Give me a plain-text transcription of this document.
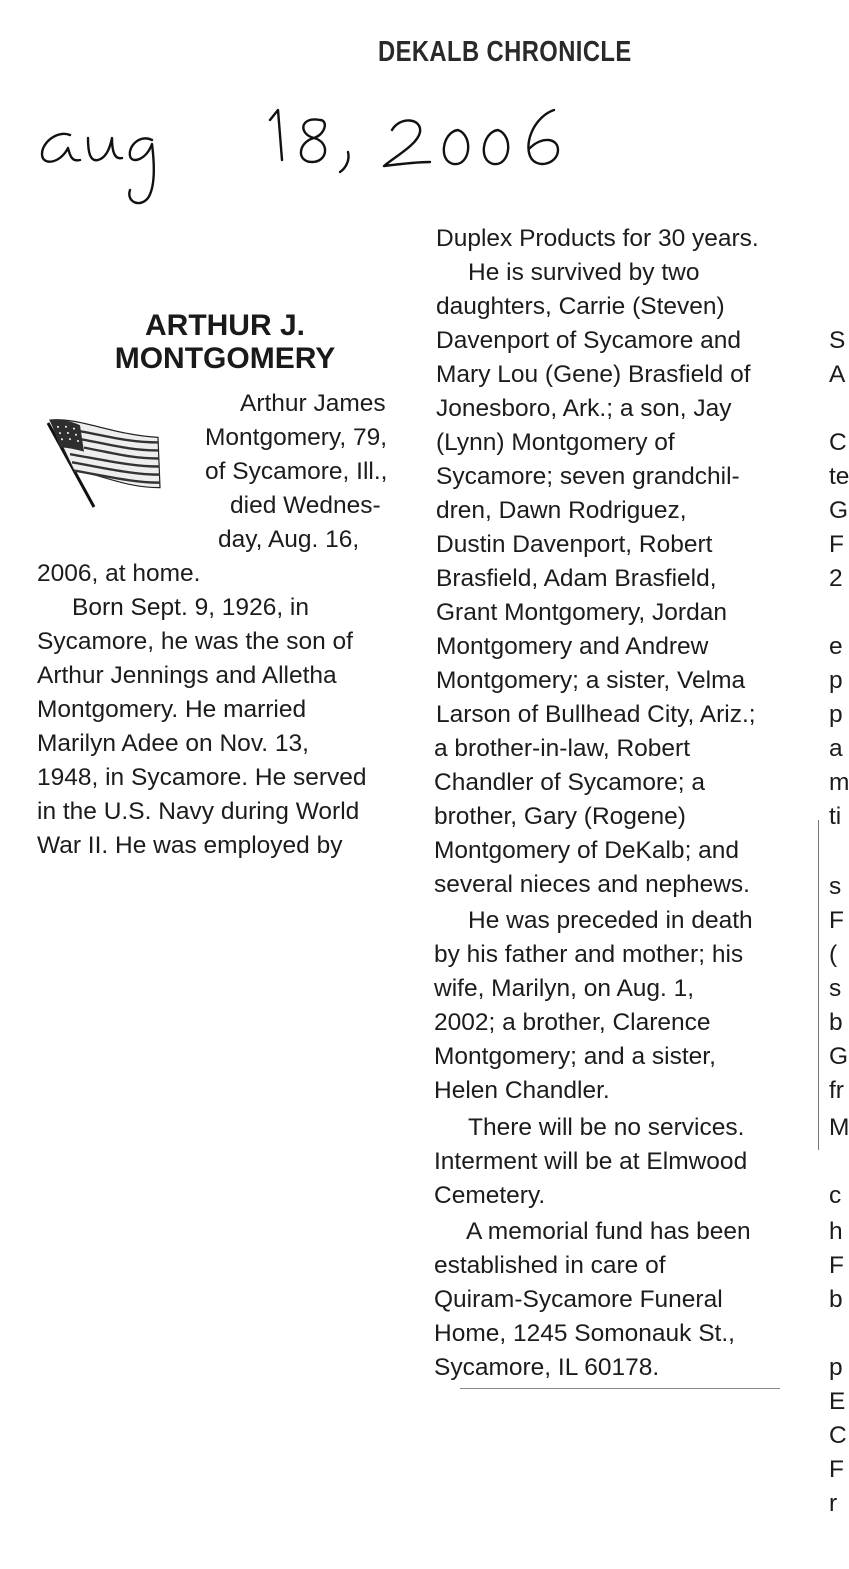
DEKALB CHRONICLE
ARTHUR J.
MONTGOMERY
Arthur James
Montgomery, 79,
of Sycamore, Ill.,
died Wednes-
day, Aug. 16,
2006, at home.
Born Sept. 9, 1926, in
Sycamore, he was the son of
Arthur Jennings and Alletha
Montgomery. He married
Marilyn Adee on Nov. 13,
1948, in Sycamore. He served
in the U.S. Navy during World
War II. He was employed by
Duplex Products for 30 years.
He is survived by two
daughters, Carrie (Steven)
Davenport of Sycamore and
Mary Lou (Gene) Brasfield of
Jonesboro, Ark.; a son, Jay
(Lynn) Montgomery of
Sycamore; seven grandchil-
dren, Dawn Rodriguez,
Dustin Davenport, Robert
Brasfield, Adam Brasfield,
Grant Montgomery, Jordan
Montgomery and Andrew
Montgomery; a sister, Velma
Larson of Bullhead City, Ariz.;
a brother-in-law, Robert
Chandler of Sycamore; a
brother, Gary (Rogene)
Montgomery of DeKalb; and
several nieces and nephews.
He was preceded in death
by his father and mother; his
wife, Marilyn, on Aug. 1,
2002; a brother, Clarence
Montgomery; and a sister,
Helen Chandler.
There will be no services.
Interment will be at Elmwood
Cemetery.
A memorial fund has been
established in care of
Quiram-Sycamore Funeral
Home, 1245 Somonauk St.,
Sycamore, IL 60178.
S
A
C
te
G
F
2
e
p
p
a
m
ti
s
F
(
s
b
G
fr
M
c
h
F
b
p
E
C
F
r
